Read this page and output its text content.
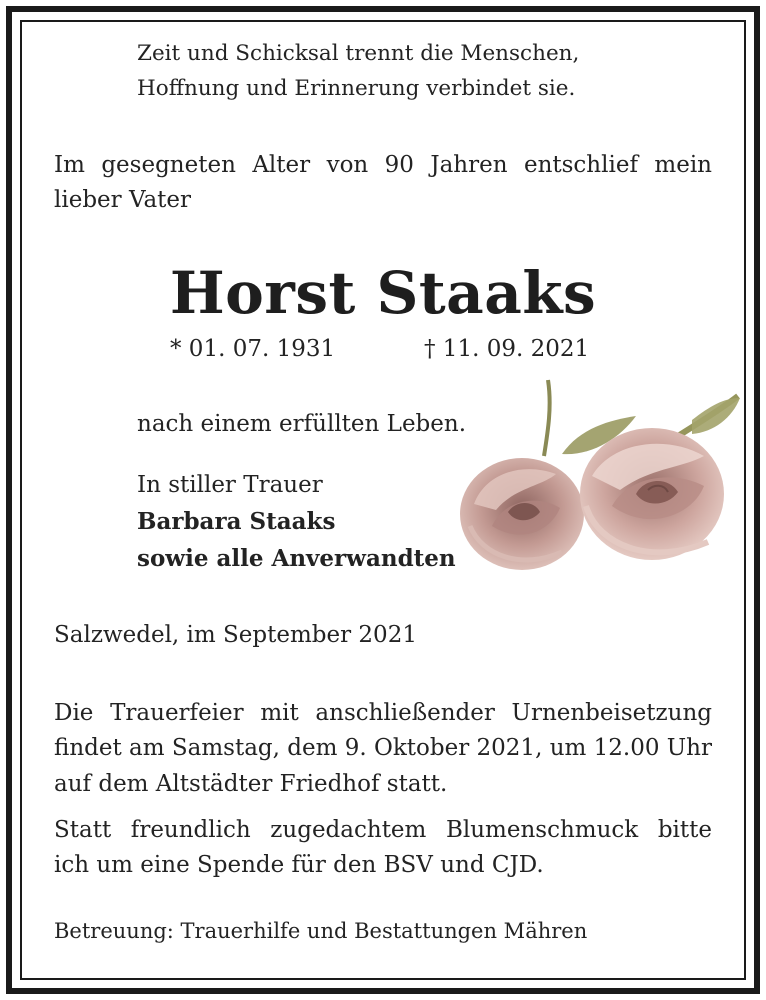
Zeit und Schicksal trennt die Menschen,
Hoffnung und Erinnerung verbindet sie.
Im gesegneten Alter von 90 Jahren entschlief mein
lieber Vater
Horst Staaks
* 01. 07. 1931	† 11. 09. 2021
nach einem erfüllten Leben.
In stiller Trauer
Barbara Staaks
sowie alle Anverwandten
Salzwedel, im September 2021
Die Trauerfeier mit anschließender Urnenbeisetzung
findet am Samstag, dem 9. Oktober 2021, um 12.00 Uhr
auf dem Altstädter Friedhof statt.
Statt freundlich zugedachtem Blumenschmuck bitte
ich um eine Spende für den BSV und CJD.
Betreuung: Trauerhilfe und Bestattungen Mähren
